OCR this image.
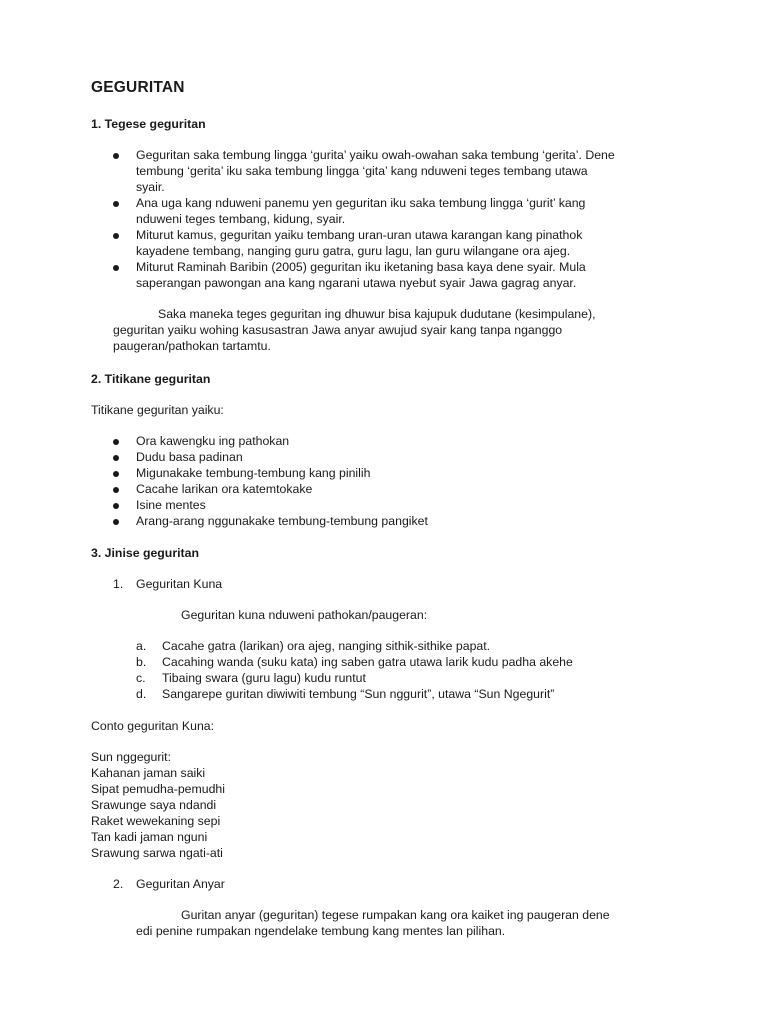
GEGURITAN
1. Tegese geguritan
Geguritan saka tembung lingga ‘gurita’ yaiku owah-owahan saka tembung ‘gerita’. Dene
tembung ‘gerita’ iku saka tembung lingga ‘gita’ kang nduweni teges tembang utawa
syair.
Ana uga kang nduweni panemu yen geguritan iku saka tembung lingga ‘gurit’ kang
nduweni teges tembang, kidung, syair.
Miturut kamus, geguritan yaiku tembang uran-uran utawa karangan kang pinathok
kayadene tembang, nanging guru gatra, guru lagu, lan guru wilangane ora ajeg.
Miturut Raminah Baribin (2005) geguritan iku iketaning basa kaya dene syair. Mula
saperangan pawongan ana kang ngarani utawa nyebut syair Jawa gagrag anyar.
Saka maneka teges geguritan ing dhuwur bisa kajupuk dudutane (kesimpulane),
geguritan yaiku wohing kasusastran Jawa anyar awujud syair kang tanpa nganggo
paugeran/pathokan tartamtu.
2. Titikane geguritan
Titikane geguritan yaiku:
Ora kawengku ing pathokan
Dudu basa padinan
Migunakake tembung-tembung kang pinilih
Cacahe larikan ora katemtokake
Isine mentes
Arang-arang nggunakake tembung-tembung pangiket
3. Jinise geguritan
1. Geguritan Kuna
Geguritan kuna nduweni pathokan/paugeran:
a. Cacahe gatra (larikan) ora ajeg, nanging sithik-sithike papat.
b. Cacahing wanda (suku kata) ing saben gatra utawa larik kudu padha akehe
c. Tibaing swara (guru lagu) kudu runtut
d. Sangarepe guritan diwiwiti tembung “Sun nggurit”, utawa “Sun Ngegurit”
Conto geguritan Kuna:
Sun nggegurit:
Kahanan jaman saiki
Sipat pemudha-pemudhi
Srawunge saya ndandi
Raket wewekaning sepi
Tan kadi jaman nguni
Srawung sarwa ngati-ati
2. Geguritan Anyar
Guritan anyar (geguritan) tegese rumpakan kang ora kaiket ing paugeran dene
edi penine rumpakan ngendelake tembung kang mentes lan pilihan.
